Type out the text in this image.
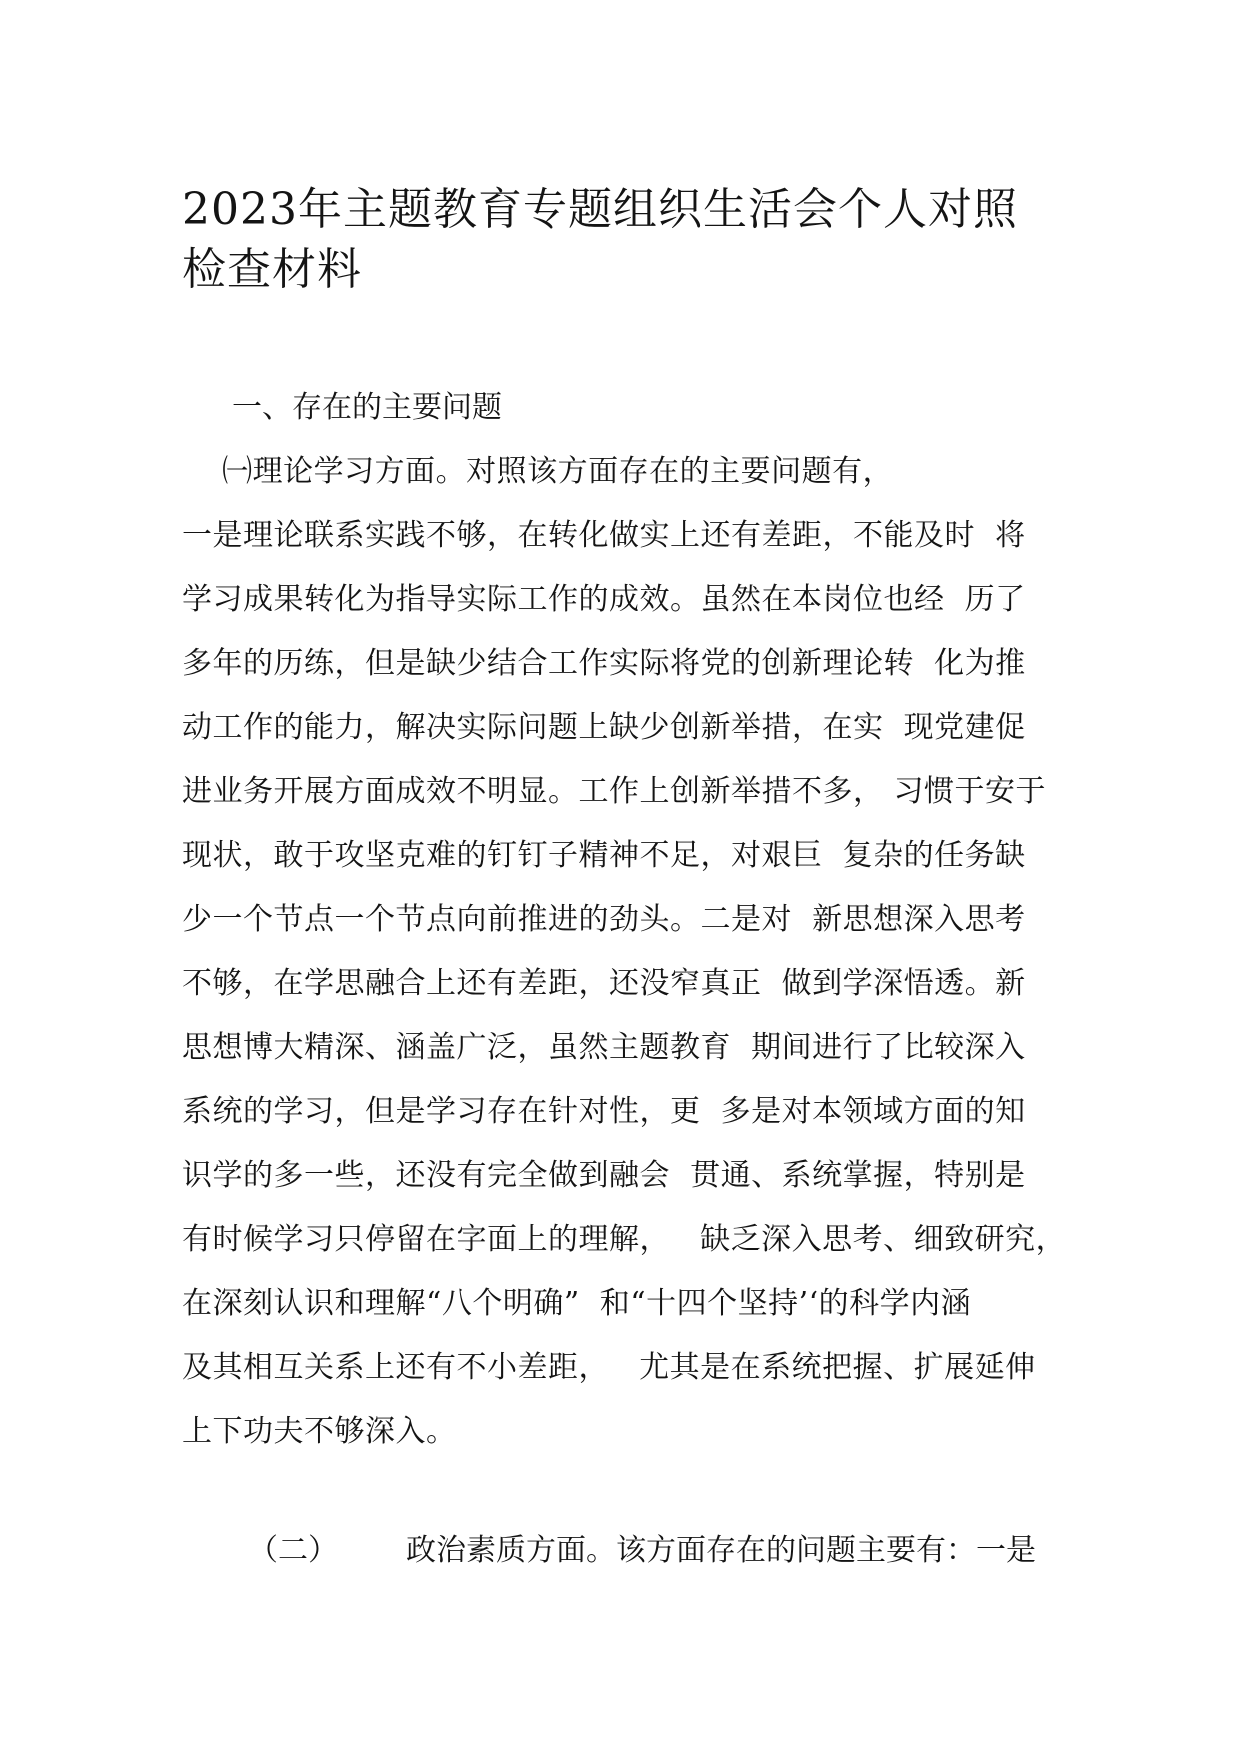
2023年主题教育专题组织生活会个人对照
检查材料
一、存在的主要问题
㈠理论学习方面。对照该方面存在的主要问题有，
一是理论联系实践不够，在转化做实上还有差距，不能及时  将
学习成果转化为指导实际工作的成效。虽然在本岗位也经  历了
多年的历练，但是缺少结合工作实际将党的创新理论转  化为推
动工作的能力，解决实际问题上缺少创新举措，在实  现党建促
进业务开展方面成效不明显。工作上创新举措不多， 习惯于安于
现状，敢于攻坚克难的钉钉子精神不足，对艰巨  复杂的任务缺
少一个节点一个节点向前推进的劲头。二是对  新思想深入思考
不够，在学思融合上还有差距，还没窄真正  做到学深悟透。新
思想博大精深、涵盖广泛，虽然主题教育  期间进行了比较深入
系统的学习，但是学习存在针对性，更  多是对本领域方面的知
识学的多一些，还没有完全做到融会  贯通、系统掌握，特别是
有时候学习只停留在字面上的理解，   缺乏深入思考、细致研究，
在深刻认识和理解“八个明确”  和“十四个坚持’‘的科学内涵
及其相互关系上还有不小差距，   尤其是在系统把握、扩展延伸
上下功夫不够深入。
（二） 政治素质方面。该方面存在的问题主要有：一是
